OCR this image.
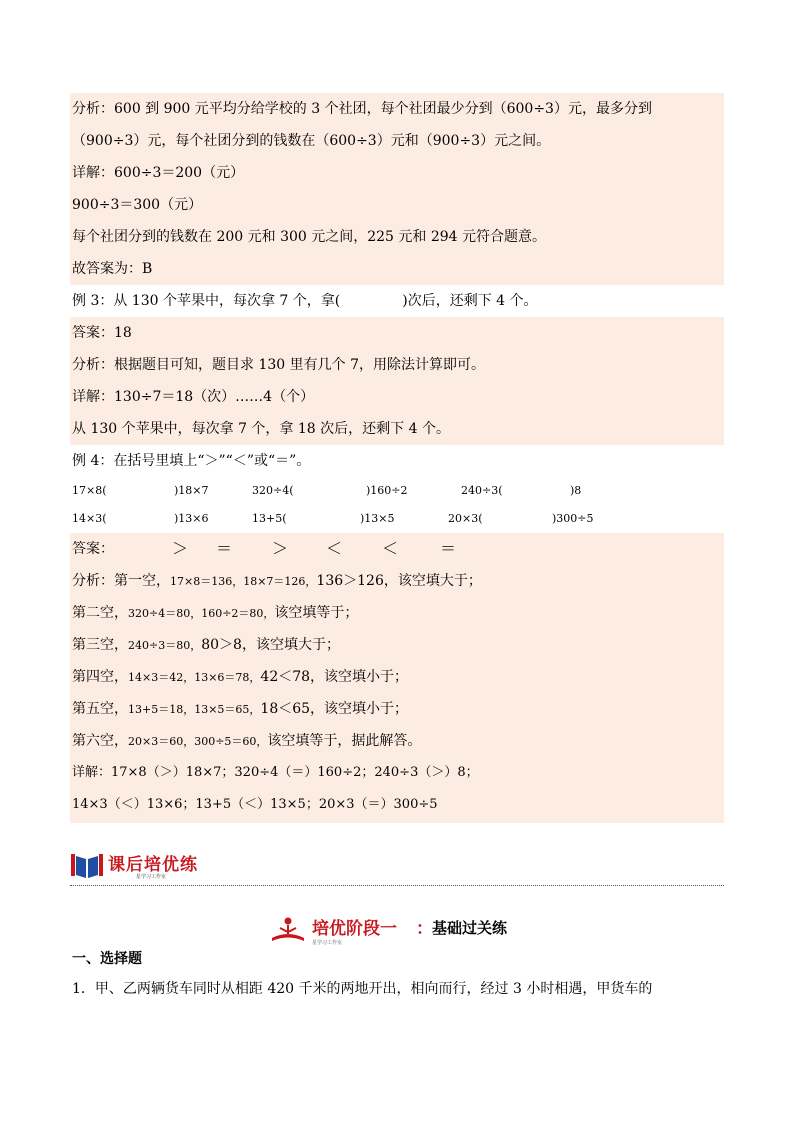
分析：600 到 900 元平均分给学校的 3 个社团，每个社团最少分到（600÷3）元，最多分到
（900÷3）元，每个社团分到的钱数在（600÷3）元和（900÷3）元之间。
详解：600÷3＝200（元）
900÷3＝300（元）
每个社团分到的钱数在 200 元和 300 元之间，225 元和 294 元符合题意。
故答案为：B
例 3：从 130 个苹果中，每次拿 7 个，拿(	)次后，还剩下 4 个。
答案：18
分析：根据题目可知，题目求 130 里有几个 7，用除法计算即可。
详解：130÷7＝18（次）……4（个）
从 130 个苹果中，每次拿 7 个，拿 18 次后，还剩下 4 个。
例 4：在括号里填上“＞”“＜”或“＝”。
17×8(	)18×7	320÷4(	)160÷2	240÷3(	)8
14×3(	)13×6	13+5(	)13×5	20×3(	)300÷5
答案：	＞ ＝ ＞ ＜ ＜	＝
分析：第一空，17×8＝136，18×7＝126，136＞126，该空填大于；
第二空，320÷4＝80，160÷2＝80，该空填等于；
第三空，240÷3＝80，80＞8，该空填大于；
第四空，14×3＝42，13×6＝78，42＜78，该空填小于；
第五空，13+5＝18，13×5＝65，18＜65，该空填小于；
第六空，20×3＝60，300÷5＝60，该空填等于，据此解答。
详解：17×8（＞）18×7；320÷4（＝）160÷2；240÷3（＞）8；
14×3（＜）13×6；13+5（＜）13×5；20×3（＝）300÷5
课后培优练
星学习工作室
培优阶段一 ： 基础过关练
星学习工作室
一、选择题
1．甲、乙两辆货车同时从相距 420 千米的两地开出，相向而行，经过 3 小时相遇，甲货车的
